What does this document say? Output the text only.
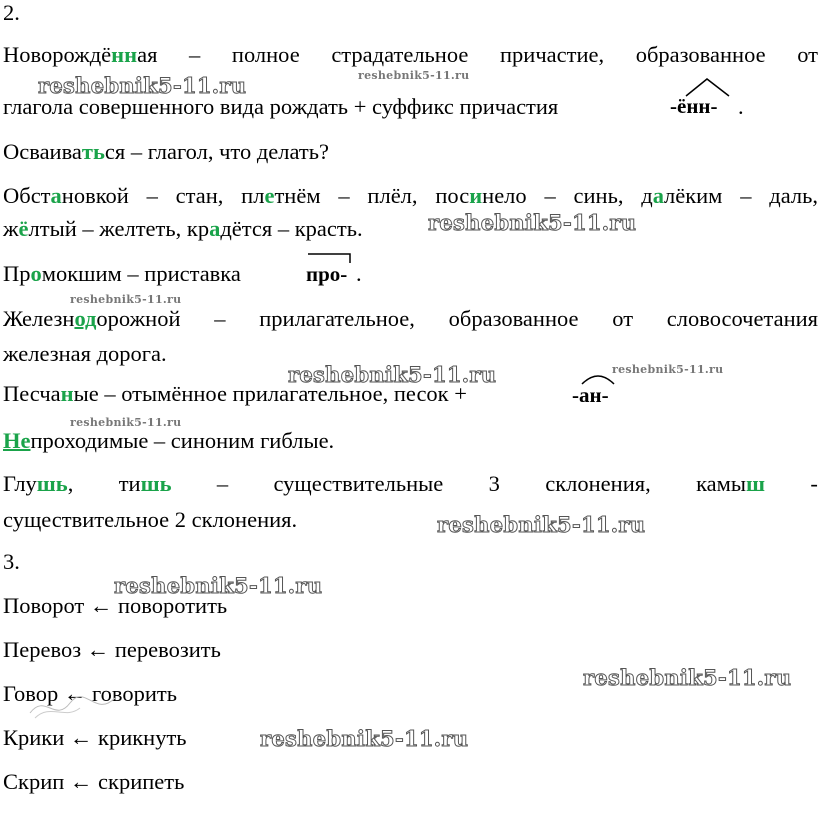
2.
Новорождённая – полное страдательное причастие, образованное от
глагола совершенного вида рождать + суффикс причастия	-ённ- .
Осваиваться – глагол, что делать?
Обстановкой – стан, плетнём – плёл, посинело – синь, далёким – даль,
жёлтый – желтеть, крадётся – красть.
Промокшим – приставка	про- .
Железнодорожной – прилагательное, образованное от словосочетания
железная дорога.
Песчаные – отымённое прилагательное, песок +	-ан-
Непроходимые – синоним гиблые.
Глушь, тишь – существительные 3 склонения, камыш -
существительное 2 склонения.
3.
Поворот ← поворотить
Перевоз ← перевозить
Говор ← говорить
Крики ← крикнуть
Скрип ← скрипеть
reshebnik5-11.ru	reshebnik5-11.ru
reshebnik5-11.ru
reshebnik5-11.ru
reshebnik5-11.ru	reshebnik5-11.ru
reshebnik5-11.ru
reshebnik5-11.ru
reshebnik5-11.ru
reshebnik5-11.ru
reshebnik5-11.ru
